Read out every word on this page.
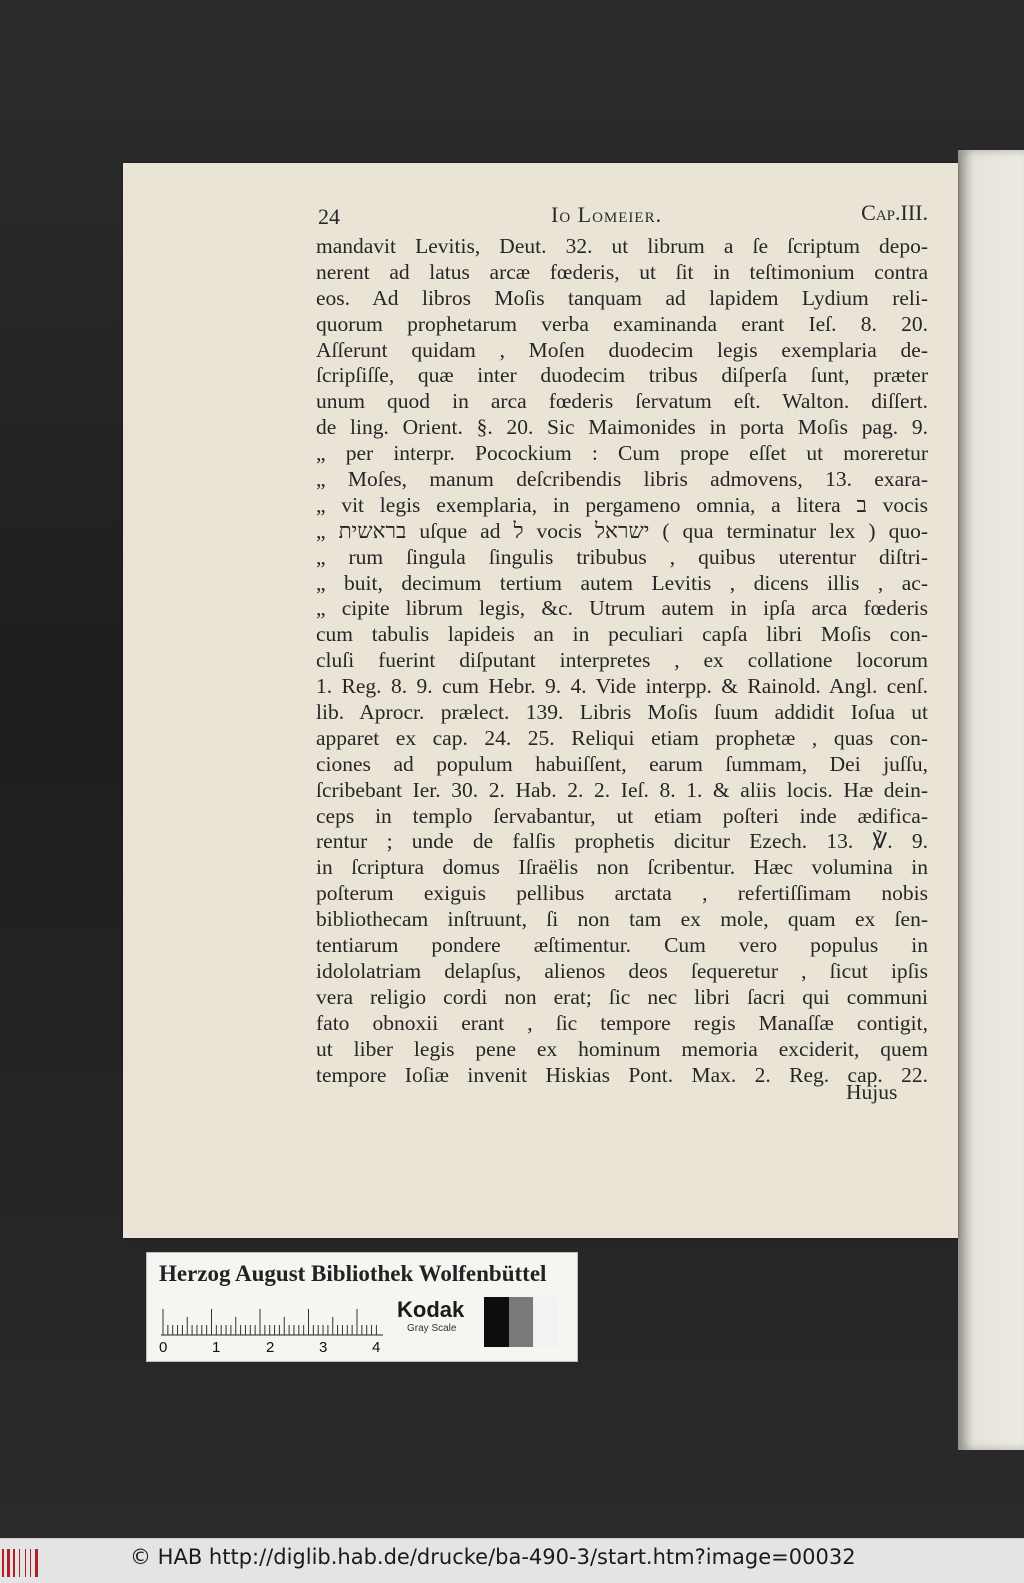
24	Io Lomeier.	Cap.III.
mandavit Levitis, Deut. 32. ut librum a ſe ſcriptum depo-
nerent ad latus arcæ fœderis, ut ſit in teſtimonium contra
eos. Ad libros Moſis tanquam ad lapidem Lydium reli-
quorum prophetarum verba examinanda erant Ieſ. 8. 20.
Aſſerunt quidam , Moſen duodecim legis exemplaria de-
ſcripſiſſe, quæ inter duodecim tribus diſperſa ſunt, præter
unum quod in arca fœderis ſervatum eſt. Walton. diſſert.
de ling. Orient. §. 20. Sic Maimonides in porta Moſis pag. 9.
„ per interpr. Pocockium : Cum prope eſſet ut moreretur
„ Moſes, manum deſcribendis libris admovens, 13. exara-
„ vit legis exemplaria, in pergameno omnia, a litera ב vocis
„ בראשית uſque ad ל vocis ישראל ( qua terminatur lex ) quo-
„ rum ſingula ſingulis tribubus , quibus uterentur diſtri-
„ buit, decimum tertium autem Levitis , dicens illis , ac-
„ cipite librum legis, &c. Utrum autem in ipſa arca fœderis
cum tabulis lapideis an in peculiari capſa libri Moſis con-
cluſi fuerint diſputant interpretes , ex collatione locorum
1. Reg. 8. 9. cum Hebr. 9. 4. Vide interpp. & Rainold. Angl. cenſ.
lib. Aprocr. prælect. 139. Libris Moſis ſuum addidit Ioſua ut
apparet ex cap. 24. 25. Reliqui etiam prophetæ , quas con-
ciones ad populum habuiſſent, earum ſummam, Dei juſſu,
ſcribebant Ier. 30. 2. Hab. 2. 2. Ieſ. 8. 1. & aliis locis. Hæ dein-
ceps in templo ſervabantur, ut etiam poſteri inde ædifica-
rentur ; unde de falſis prophetis dicitur Ezech. 13. ℣. 9.
in ſcriptura domus Iſraëlis non ſcribentur. Hæc volumina in
poſterum exiguis pellibus arctata , refertiſſimam nobis
bibliothecam inſtruunt, ſi non tam ex mole, quam ex ſen-
tentiarum pondere æſtimentur. Cum vero populus in
idololatriam delapſus, alienos deos ſequeretur , ſicut ipſis
vera religio cordi non erat; ſic nec libri ſacri qui communi
fato obnoxii erant , ſic tempore regis Manaſſæ contigit,
ut liber legis pene ex hominum memoria exciderit, quem
tempore Ioſiæ invenit Hiskias Pont. Max. 2. Reg. cap. 22.
Hujus
Herzog August Bibliothek Wolfenbüttel
0	1	2	3	4
Kodak
Gray Scale
© HAB http://diglib.hab.de/drucke/ba-490-3/start.htm?image=00032
